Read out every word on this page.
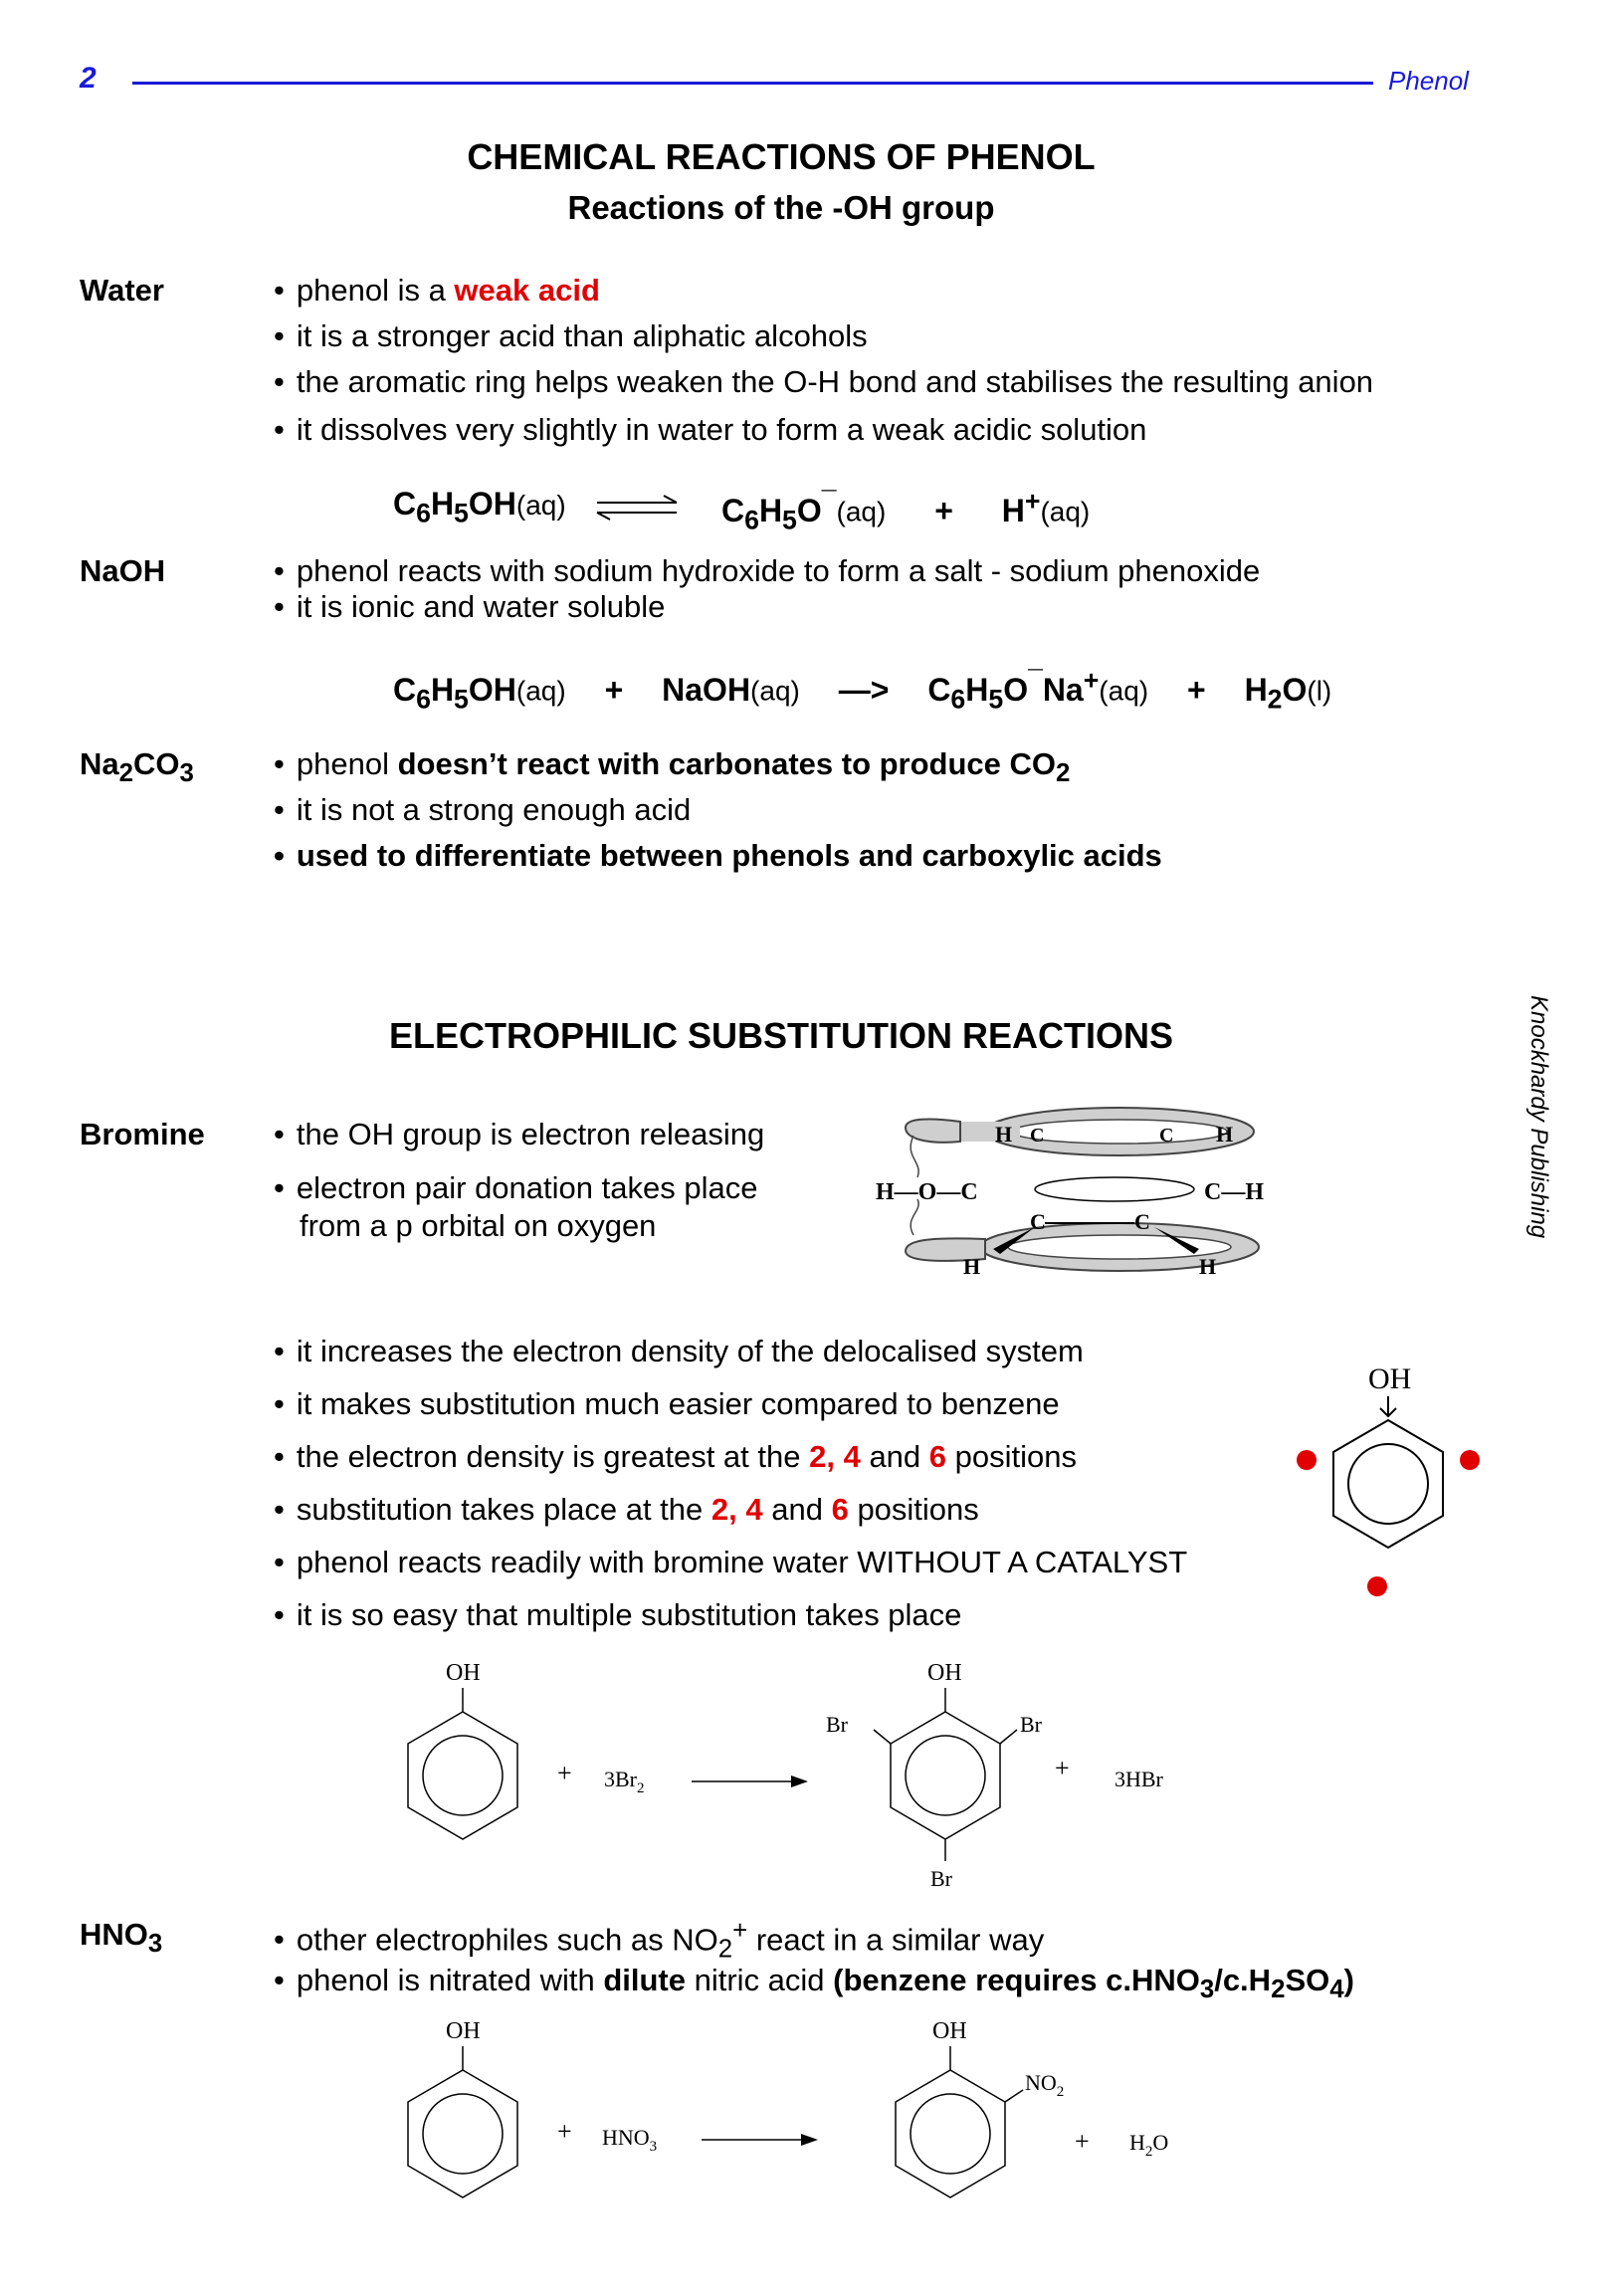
2	Phenol
Knockhardy Publishing
CHEMICAL REACTIONS OF PHENOL
Reactions of the -OH group
Water	• phenol is a weak acid
• it is a stronger acid than aliphatic alcohols
• the aromatic ring helps weaken the O-H bond and stabilises the resulting anion
• it dissolves very slightly in water to form a weak acidic solution
$C_6H_5OH(aq)$	$C_6H_5O^¯(aq) + H^+(aq)$
NaOH	• phenol reacts with sodium hydroxide to form a salt - sodium phenoxide
• it is ionic and water soluble
$C_6H_5OH(aq)$ + NaOH(aq) —> $C_6H_5O^¯Na^+(aq) + H_2O(l)$
$Na_2CO_3$	• phenol doesn’t react with carbonates to produce $CO_2$
• it is not a strong enough acid
• used to differentiate between phenols and carboxylic acids
ELECTROPHILIC SUBSTITUTION REACTIONS
Bromine	• the OH group is electron releasing
• electron pair donation takes place
from a p orbital on oxygen
H—O—C	C—H
H	H
C	C
C	C
H	H
• it increases the electron density of the delocalised system
• it makes substitution much easier compared to benzene
• the electron density is greatest at the 2, 4 and 6 positions
• substitution takes place at the 2, 4 and 6 positions
• phenol reacts readily with bromine water WITHOUT A CATALYST
• it is so easy that multiple substitution takes place
OH
OH
+ $3Br_2$
OH
Br	Br
Br
+ 3HBr
$HNO_3$	• other electrophiles such as $NO_2^+$ react in a similar way
• phenol is nitrated with dilute nitric acid (benzene requires $c.HNO_3/c.H_2SO_4$)
OH
+ $HNO_3$
OH
$NO_2$
+ $H_2O$
